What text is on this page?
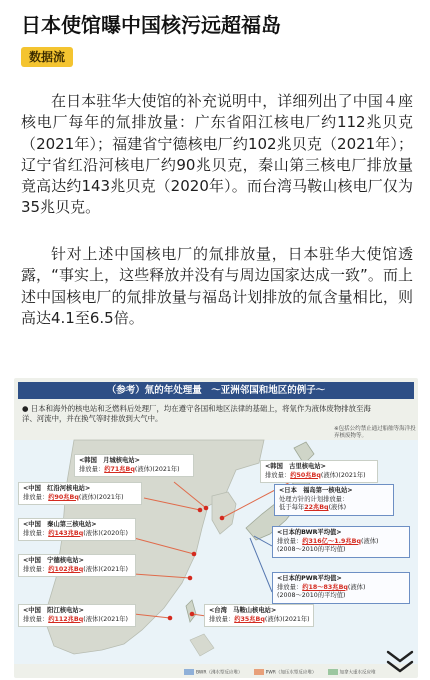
日本使馆曝中国核污远超福岛
数据流

在日本驻华大使馆的补充说明中，详细列出了中国４座核电厂每年的氚排放量：广东省阳江核电厂约112兆贝克（2021年）；福建省宁德核电厂约102兆贝克（2021年）；辽宁省红沿河核电厂约90兆贝克，秦山第三核电厂排放量竟高达约143兆贝克（2020年）。而台湾马鞍山核电厂仅为35兆贝克。

针对上述中国核电厂的氚排放量，日本驻华大使馆透露，“事实上，这些释放并没有与周边国家达成一致”。而上述中国核电厂的氚排放量与福岛计划排放的氚含量相比，则高达4.1至6.5倍。

（参考）氚的年处理量　～亚洲邻国和地区的例子～
● 日本和海外的核电站和乏燃料后处理厂，均在遵守各国和地区法律的基础上，将氚作为液体废物排放至海洋、河流中，并在换气等时排放到大气中。
※包括公约禁止通过船舶等海洋投弃核废物等。
<韩国　月城核电站>
排放量：约71兆Bq(液体)(2021年)	<韩国　古里核电站>
排放量：约50兆Bq(液体)(2021年)
<中国　红沿河核电站>
排放量：约90兆Bq(液体)(2021年)
<日本　福岛第一核电站>
处理方针的计划排放量：
低于每年22兆Bq(液体)
<中国　秦山第三核电站>
排放量：约143兆Bq(液体)(2020年)	<日本的BWR平均值>
排放量：约316亿～1.9兆Bq(液体)
(2008～2010的平均值)
<中国　宁德核电站>
排放量：约102兆Bq(液体)(2021年)
<日本的PWR平均值>
排放量：约18～83兆Bq(液体)
(2008～2010的平均值)
<中国　阳江核电站>
排放量：约112兆Bq(液体)(2021年)
<台湾　马鞍山核电站>
排放量：约35兆Bq(液体)(2021年)
BWR（沸水型反应堆）	PWR（加压水型反应堆）	加拿大重水反应堆
